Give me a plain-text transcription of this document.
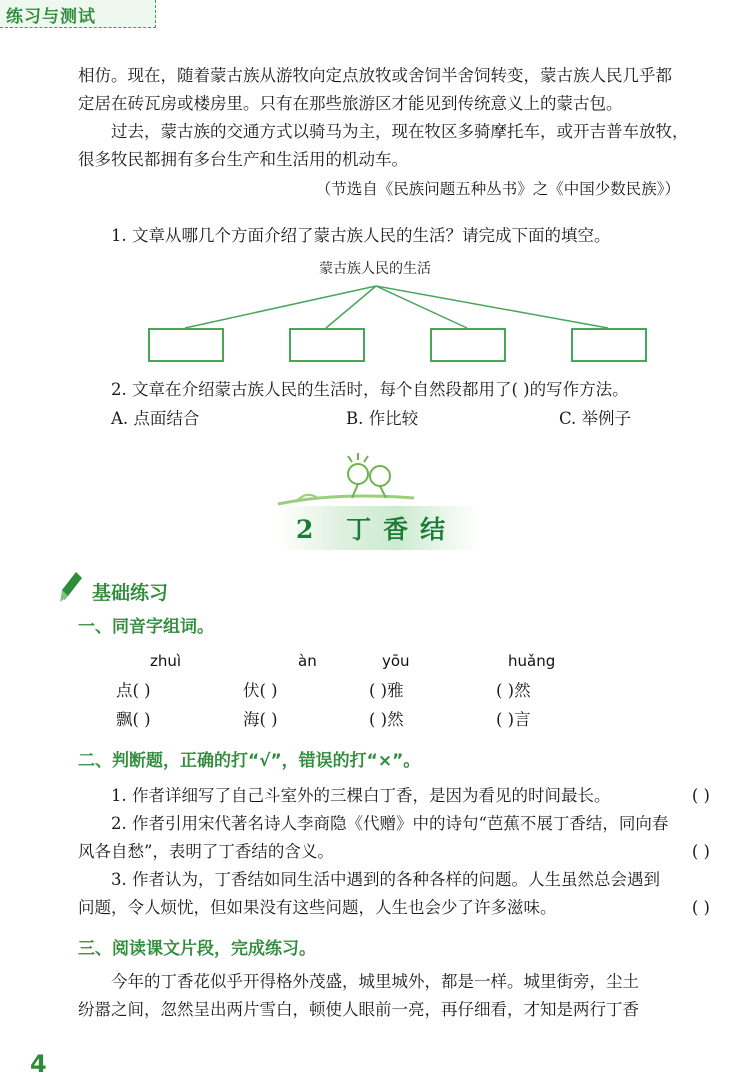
练习与测试
相仿。现在，随着蒙古族从游牧向定点放牧或舍饲半舍饲转变，蒙古族人民几乎都
定居在砖瓦房或楼房里。只有在那些旅游区才能见到传统意义上的蒙古包。
过去，蒙古族的交通方式以骑马为主，现在牧区多骑摩托车，或开吉普车放牧，
很多牧民都拥有多台生产和生活用的机动车。
（节选自《民族问题五种丛书》之《中国少数民族》）
1. 文章从哪几个方面介绍了蒙古族人民的生活？请完成下面的填空。
蒙古族人民的生活
2. 文章在介绍蒙古族人民的生活时，每个自然段都用了( )的写作方法。
A. 点面结合	B. 作比较	C. 举例子
2 丁香结
基础练习
一、同音字组词。
zhuì	àn	yōu	huǎng
点( )	伏( )	( )雅	( )然
飘( )	海( )	( )然	( )言
二、判断题，正确的打“√”，错误的打“×”。
1. 作者详细写了自己斗室外的三棵白丁香，是因为看见的时间最长。	( )
2. 作者引用宋代著名诗人李商隐《代赠》中的诗句“芭蕉不展丁香结，同向春
风各自愁”，表明了丁香结的含义。	( )
3. 作者认为，丁香结如同生活中遇到的各种各样的问题。人生虽然总会遇到
问题，令人烦忧，但如果没有这些问题，人生也会少了许多滋味。	( )
三、阅读课文片段，完成练习。
今年的丁香花似乎开得格外茂盛，城里城外，都是一样。城里街旁，尘土
纷嚣之间，忽然呈出两片雪白，顿使人眼前一亮，再仔细看，才知是两行丁香
4
